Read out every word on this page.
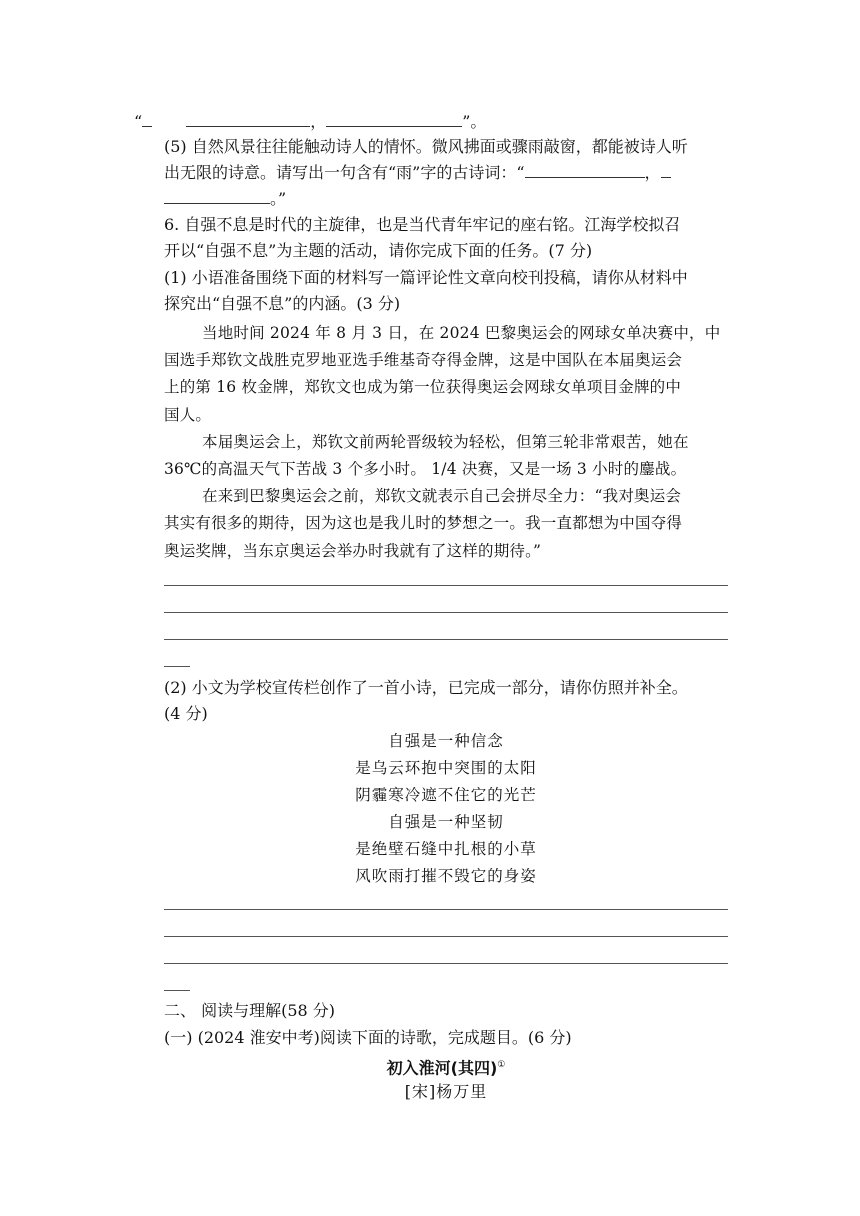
“	，	”。
(5) 自然风景往往能触动诗人的情怀。微风拂面或骤雨敲窗，都能被诗人听
出无限的诗意。请写出一句含有“雨”字的古诗词：“	，
。”
6. 自强不息是时代的主旋律，也是当代青年牢记的座右铭。江海学校拟召
开以“自强不息”为主题的活动，请你完成下面的任务。(7 分)
(1) 小语准备围绕下面的材料写一篇评论性文章向校刊投稿，请你从材料中
探究出“自强不息”的内涵。(3 分)
当地时间 2024 年 8 月 3 日，在 2024 巴黎奥运会的网球女单决赛中，中
国选手郑钦文战胜克罗地亚选手维基奇夺得金牌，这是中国队在本届奥运会
上的第 16 枚金牌，郑钦文也成为第一位获得奥运会网球女单项目金牌的中
国人。
本届奥运会上，郑钦文前两轮晋级较为轻松，但第三轮非常艰苦，她在
36℃的高温天气下苦战 3 个多小时。 1/4 决赛，又是一场 3 小时的鏖战。
在来到巴黎奥运会之前，郑钦文就表示自己会拼尽全力：“我对奥运会
其实有很多的期待，因为这也是我儿时的梦想之一。我一直都想为中国夺得
奥运奖牌，当东京奥运会举办时我就有了这样的期待。”
(2) 小文为学校宣传栏创作了一首小诗，已完成一部分，请你仿照并补全。
(4 分)
自强是一种信念
是乌云环抱中突围的太阳
阴霾寒冷遮不住它的光芒
自强是一种坚韧
是绝壁石缝中扎根的小草
风吹雨打摧不毁它的身姿
二、 阅读与理解(58 分)
(一) (2024 淮安中考)阅读下面的诗歌，完成题目。(6 分)
初入淮河(其四)①
[宋]杨万里
